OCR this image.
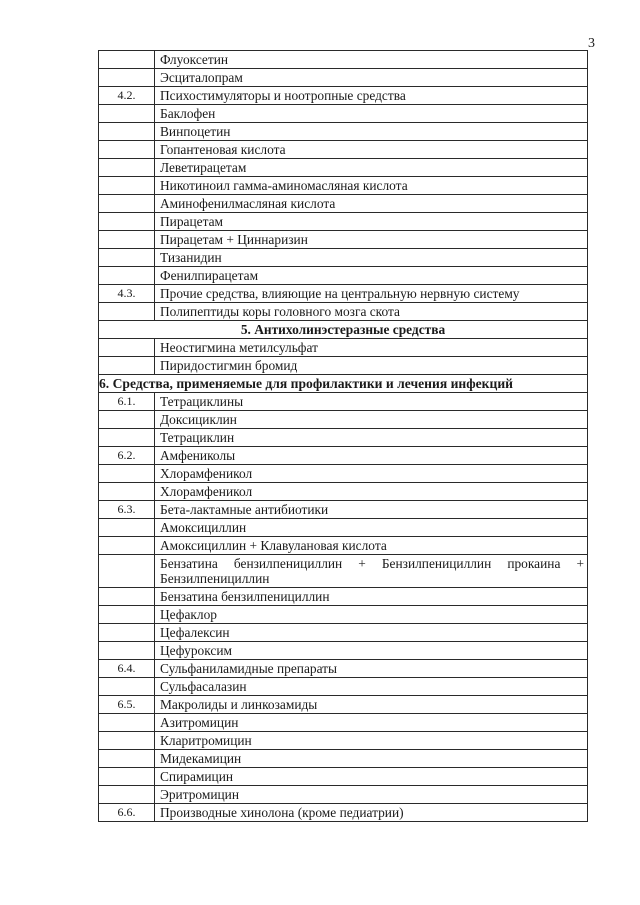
3
	Флуоксетин
	Эсциталопрам
4.2.	Психостимуляторы и ноотропные средства
	Баклофен
	Винпоцетин
	Гопантеновая кислота
	Леветирацетам
	Никотиноил гамма-аминомасляная кислота
	Аминофенилмасляная кислота
	Пирацетам
	Пирацетам + Циннаризин
	Тизанидин
	Фенилпирацетам
4.3.	Прочие средства, влияющие на центральную нервную систему
	Полипептиды коры головного мозга скота
5. Антихолинэстеразные средства	
	Неостигмина метилсульфат
	Пиридостигмин бромид
6. Средства, применяемые для профилактики и лечения инфекций	
6.1.	Тетрациклины
	Доксициклин
	Тетрациклин
6.2.	Амфениколы
	Хлорамфеникол
	Хлорамфеникол
6.3.	Бета-лактамные антибиотики
	Амоксициллин
	Амоксициллин + Клавулановая кислота
	Бензатина бензилпенициллин + Бензилпенициллин прокаина + Бензилпенициллин
	Бензатина бензилпенициллин
	Цефаклор
	Цефалексин
	Цефуроксим
6.4.	Сульфаниламидные препараты
	Сульфасалазин
6.5.	Макролиды и линкозамиды
	Азитромицин
	Кларитромицин
	Мидекамицин
	Спирамицин
	Эритромицин
6.6.	Производные хинолона (кроме педиатрии)
